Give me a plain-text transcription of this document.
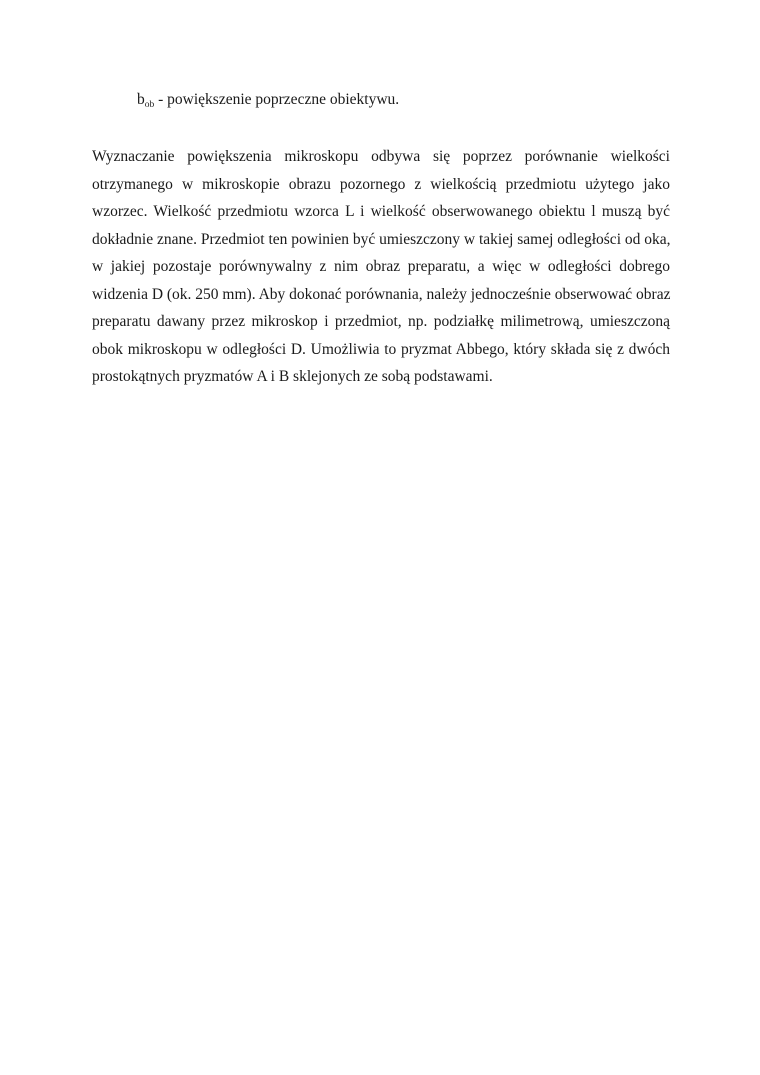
$b_{ob}$ - powiększenie poprzeczne obiektywu.
Wyznaczanie powiększenia mikroskopu odbywa się poprzez porównanie wielkości
otrzymanego w mikroskopie obrazu pozornego z wielkością przedmiotu użytego jako
wzorzec. Wielkość przedmiotu wzorca L i wielkość obserwowanego obiektu l muszą być
dokładnie znane. Przedmiot ten powinien być umieszczony w takiej samej odległości od oka,
w jakiej pozostaje porównywalny z nim obraz preparatu, a więc w odległości dobrego
widzenia D (ok. 250 mm). Aby dokonać porównania, należy jednocześnie obserwować obraz
preparatu dawany przez mikroskop i przedmiot, np. podziałkę milimetrową, umieszczoną
obok mikroskopu w odległości D. Umożliwia to pryzmat Abbego, który składa się z dwóch
prostokątnych pryzmatów A i B sklejonych ze sobą podstawami.
